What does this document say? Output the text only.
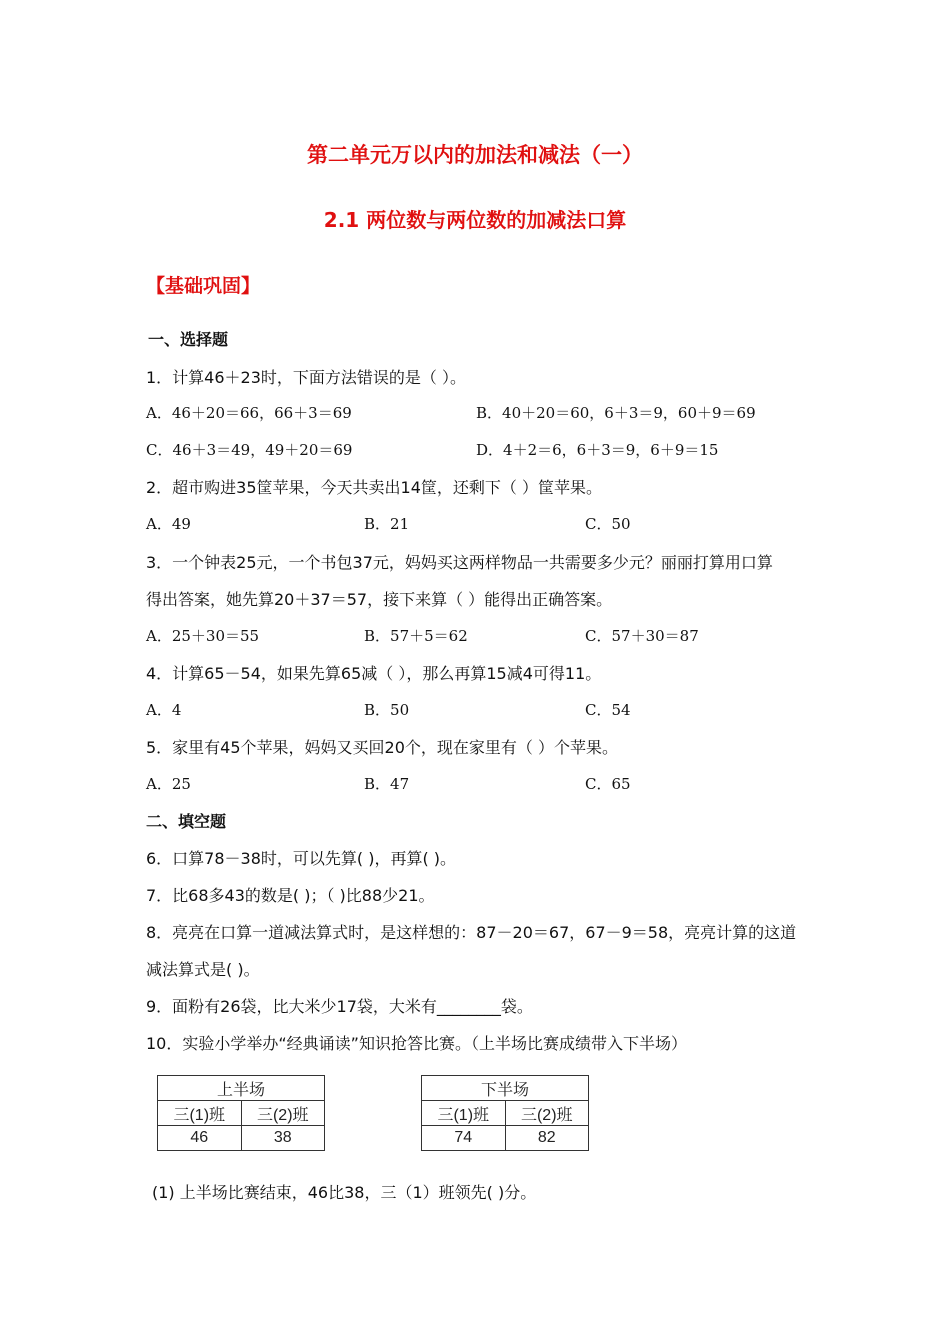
第二单元万以内的加法和减法（一）
2.1 两位数与两位数的加减法口算
【基础巩固】
一、选择题
1．计算46＋23时，下面方法错误的是（ ）。
A．46＋20＝66，66＋3＝69	B．40＋20＝60，6＋3＝9，60＋9＝69
C．46＋3＝49，49＋20＝69	D．4＋2＝6，6＋3＝9，6＋9＝15
2．超市购进35筐苹果，今天共卖出14筐，还剩下（ ）筐苹果。
A．49	B．21	C．50
3．一个钟表25元，一个书包37元，妈妈买这两样物品一共需要多少元？丽丽打算用口算
得出答案，她先算20＋37＝57，接下来算（ ）能得出正确答案。
A．25＋30＝55	B．57＋5＝62	C．57＋30＝87
4．计算65－54，如果先算65减（ ），那么再算15减4可得11。
A．4	B．50	C．54
5．家里有45个苹果，妈妈又买回20个，现在家里有（ ）个苹果。
A．25	B．47	C．65
二、填空题
6．口算78－38时，可以先算( )，再算( )。
7．比68多43的数是( )；（ )比88少21。
8．亮亮在口算一道减法算式时，是这样想的：87－20＝67，67－9＝58，亮亮计算的这道
减法算式是( )。
9．面粉有26袋，比大米少17袋，大米有________袋。
10．实验小学举办“经典诵读”知识抢答比赛。（上半场比赛成绩带入下半场）
上半场	
三(1)班	三(2)班
46	38
下半场	
三(1)班	三(2)班
74	82
(1) 上半场比赛结束，46比38，三（1）班领先( )分。
